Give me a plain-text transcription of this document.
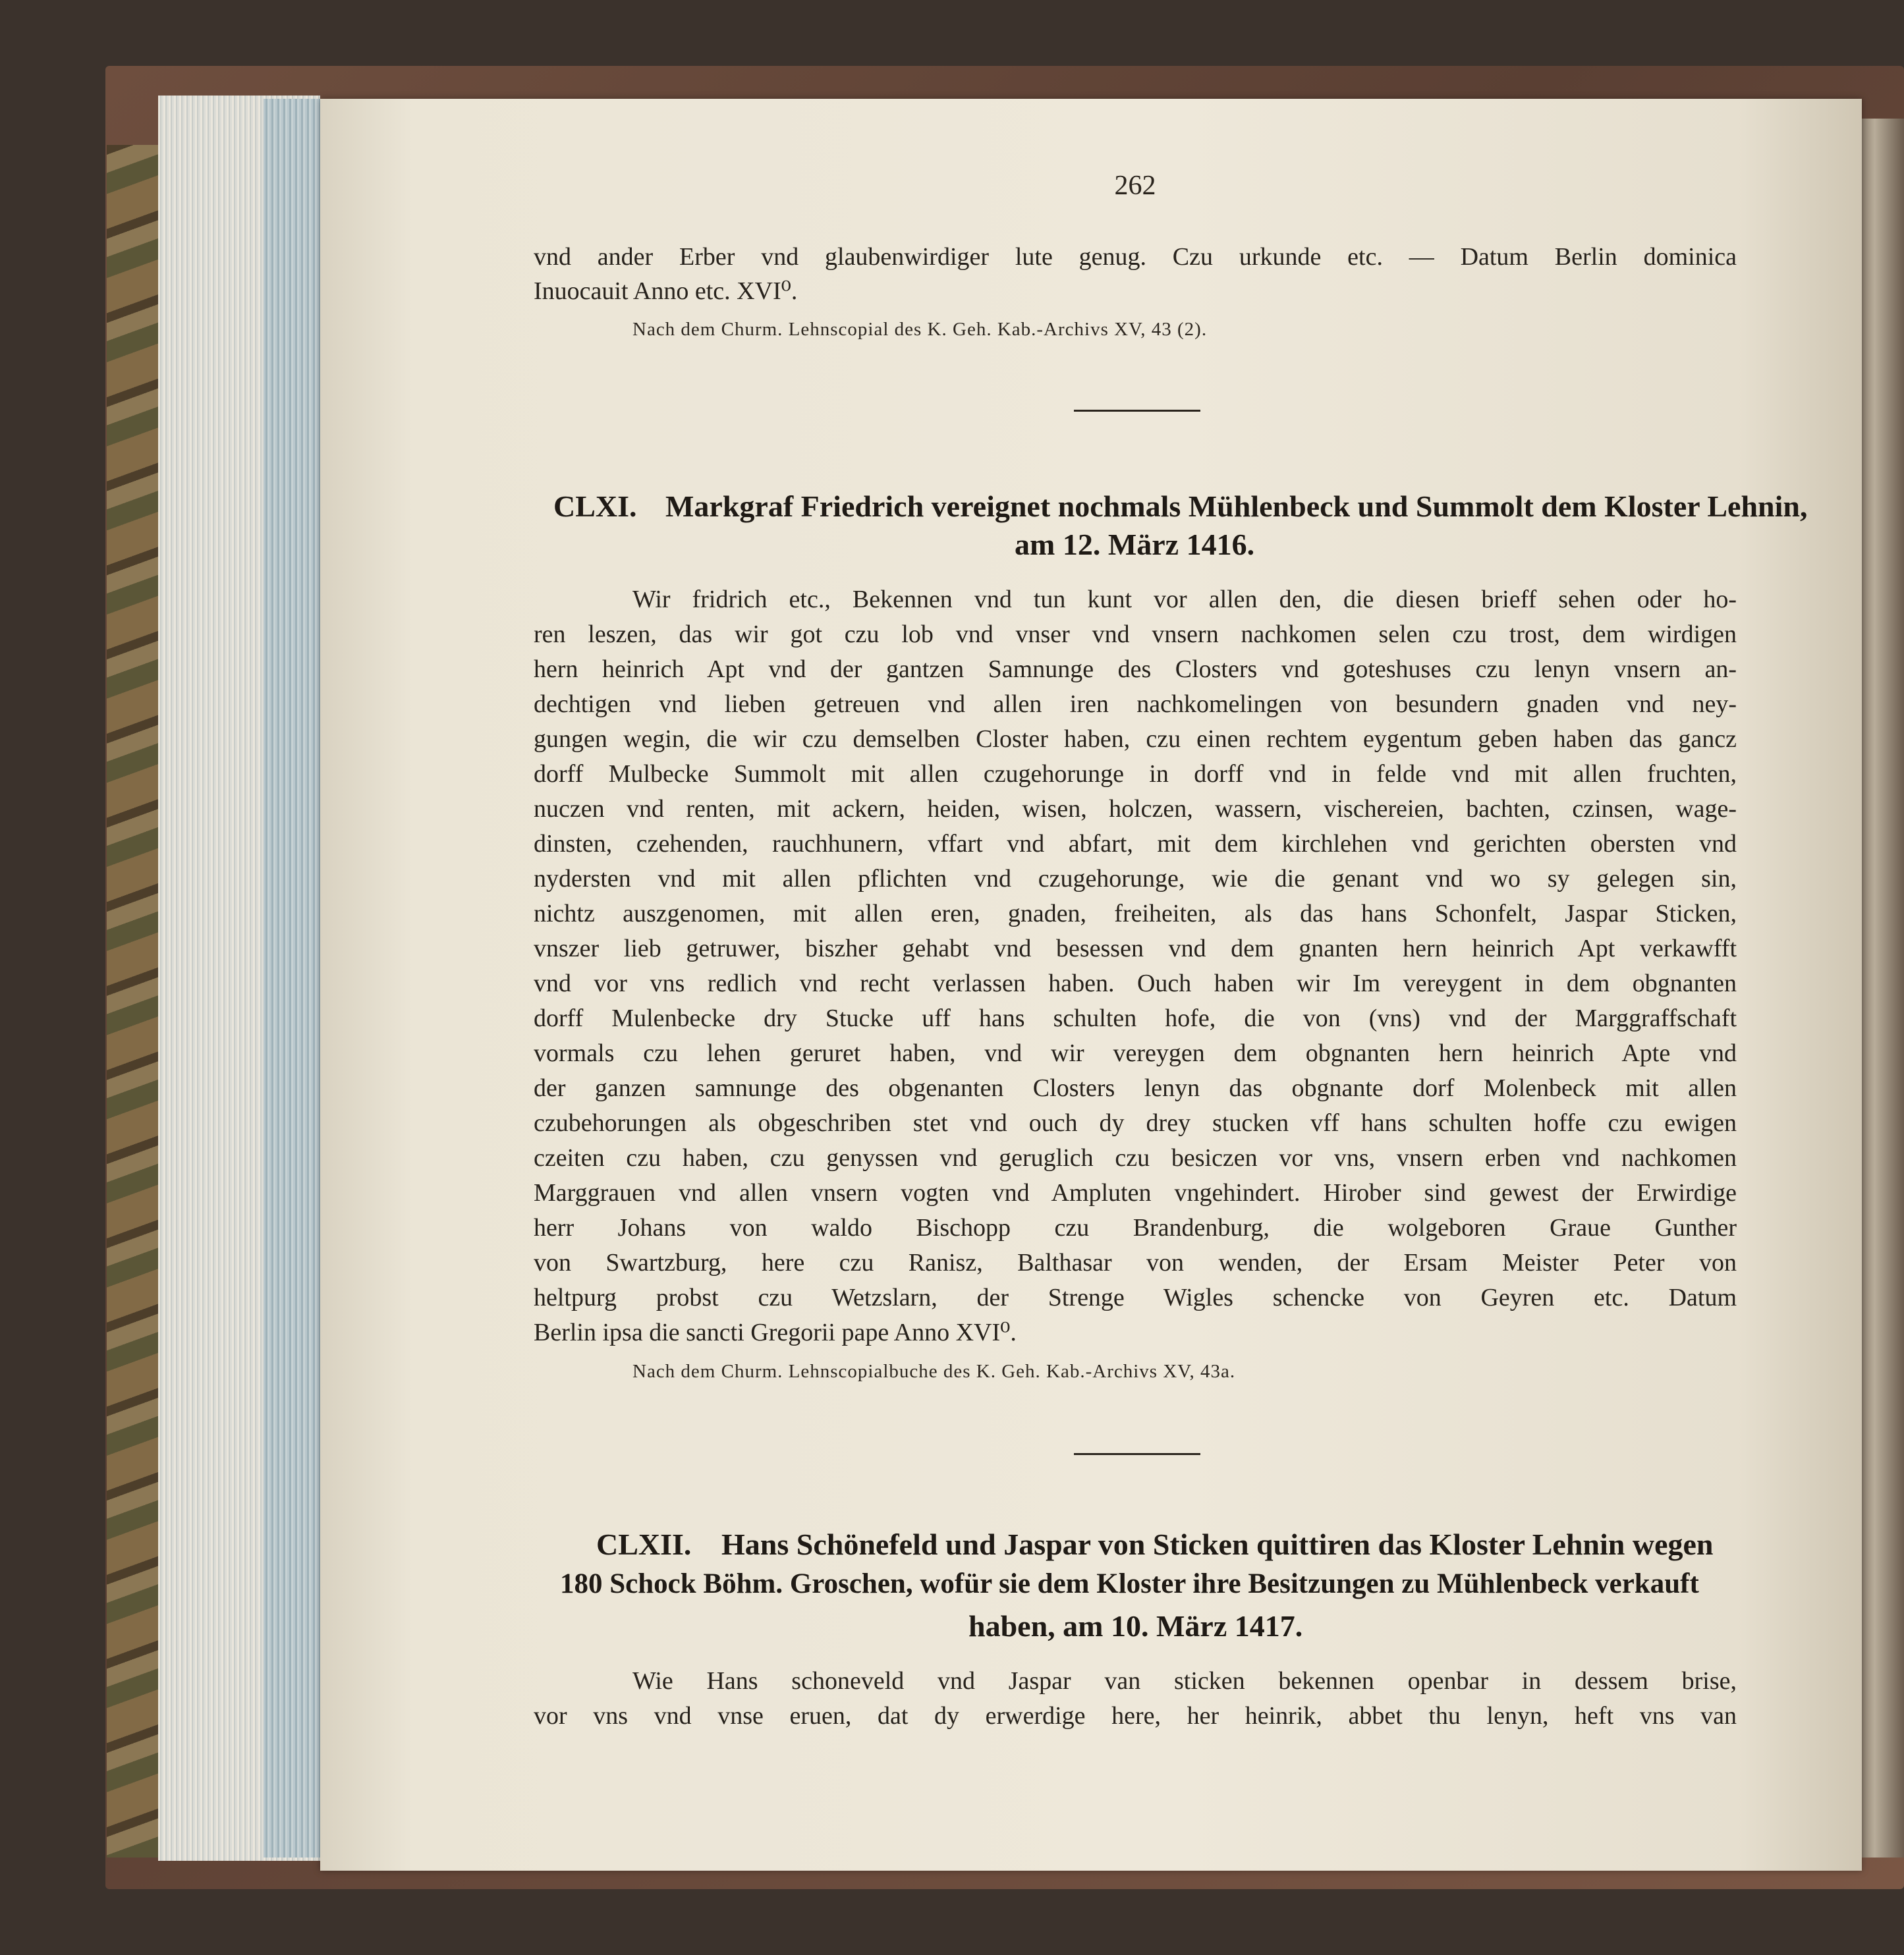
262
vnd ander Erber vnd glaubenwirdiger lute genug. Czu urkunde etc. — Datum Berlin dominica
Inuocauit Anno etc. XVI⁰.
Nach dem Churm. Lehnscopial des K. Geh. Kab.-Archivs XV, 43 (2).
CLXI. Markgraf Friedrich vereignet nochmals Mühlenbeck und Summolt dem Kloster Lehnin,
am 12. März 1416.
Wir fridrich etc., Bekennen vnd tun kunt vor allen den, die diesen brieff sehen oder ho-
ren leszen, das wir got czu lob vnd vnser vnd vnsern nachkomen selen czu trost, dem wirdigen
hern heinrich Apt vnd der gantzen Samnunge des Closters vnd goteshuses czu lenyn vnsern an-
dechtigen vnd lieben getreuen vnd allen iren nachkomelingen von besundern gnaden vnd ney-
gungen wegin, die wir czu demselben Closter haben, czu einen rechtem eygentum geben haben das gancz
dorff Mulbecke Summolt mit allen czugehorunge in dorff vnd in felde vnd mit allen fruchten,
nuczen vnd renten, mit ackern, heiden, wisen, holczen, wassern, vischereien, bachten, czinsen, wage-
dinsten, czehenden, rauchhunern, vffart vnd abfart, mit dem kirchlehen vnd gerichten obersten vnd
nydersten vnd mit allen pflichten vnd czugehorunge, wie die genant vnd wo sy gelegen sin,
nichtz auszgenomen, mit allen eren, gnaden, freiheiten, als das hans Schonfelt, Jaspar Sticken,
vnszer lieb getruwer, biszher gehabt vnd besessen vnd dem gnanten hern heinrich Apt verkawfft
vnd vor vns redlich vnd recht verlassen haben. Ouch haben wir Im vereygent in dem obgnanten
dorff Mulenbecke dry Stucke uff hans schulten hofe, die von (vns) vnd der Marggraffschaft
vormals czu lehen geruret haben, vnd wir vereygen dem obgnanten hern heinrich Apte vnd
der ganzen samnunge des obgenanten Closters lenyn das obgnante dorf Molenbeck mit allen
czubehorungen als obgeschriben stet vnd ouch dy drey stucken vff hans schulten hoffe czu ewigen
czeiten czu haben, czu genyssen vnd geruglich czu besiczen vor vns, vnsern erben vnd nachkomen
Marggrauen vnd allen vnsern vogten vnd Ampluten vngehindert. Hirober sind gewest der Erwirdige
herr Johans von waldo Bischopp czu Brandenburg, die wolgeboren Graue Gunther
von Swartzburg, here czu Ranisz, Balthasar von wenden, der Ersam Meister Peter von
heltpurg probst czu Wetzslarn, der Strenge Wigles schencke von Geyren etc. Datum
Berlin ipsa die sancti Gregorii pape Anno XVI⁰.
Nach dem Churm. Lehnscopialbuche des K. Geh. Kab.-Archivs XV, 43a.
CLXII. Hans Schönefeld und Jaspar von Sticken quittiren das Kloster Lehnin wegen
180 Schock Böhm. Groschen, wofür sie dem Kloster ihre Besitzungen zu Mühlenbeck verkauft
haben, am 10. März 1417.
Wie Hans schoneveld vnd Jaspar van sticken bekennen openbar in dessem brise,
vor vns vnd vnse eruen, dat dy erwerdige here, her heinrik, abbet thu lenyn, heft vns van
